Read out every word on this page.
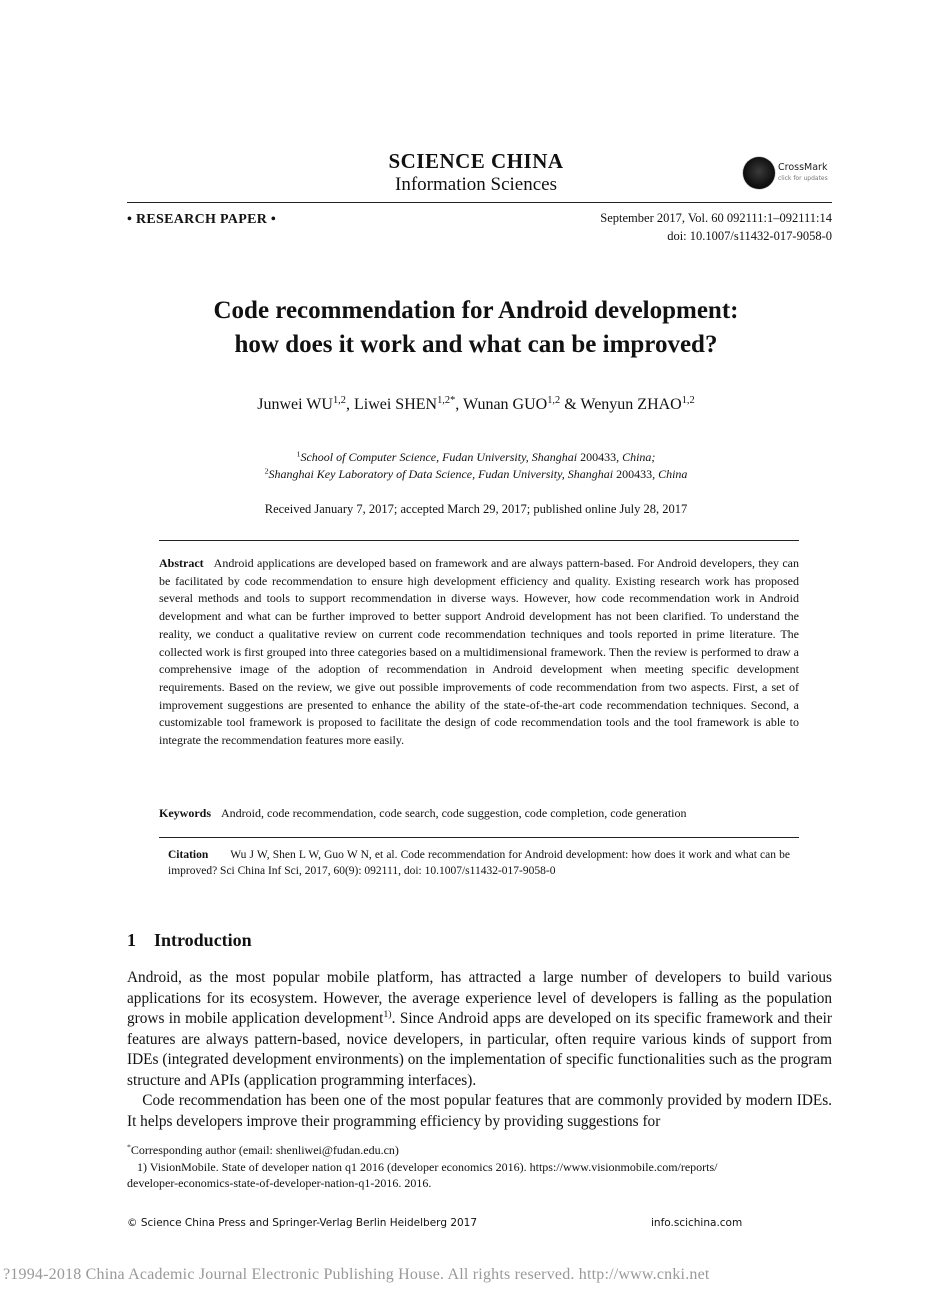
SCIENCE CHINA
Information Sciences
CrossMark
click for updates
• RESEARCH PAPER •	September 2017, Vol. 60 092111:1–092111:14
doi: 10.1007/s11432-017-9058-0
Code recommendation for Android development:
how does it work and what can be improved?
Junwei WU$^{1,2}$, Liwei $SHEN^{1,2*}$, Wunan GUO$^{1,2}$ & Wenyun ZHAO$^{1,2}$
$^1$School of Computer Science, Fudan University, Shanghai 200433, China;
$^2$Shanghai Key Laboratory of Data Science, Fudan University, Shanghai 200433, China
Received January 7, 2017; accepted March 29, 2017; published online July 28, 2017
Abstract Android applications are developed based on framework and are always pattern-based. For Android developers, they can be facilitated by code recommendation to ensure high development efficiency and quality. Existing research work has proposed several methods and tools to support recommendation in diverse ways. However, how code recommendation work in Android development and what can be further improved to better support Android development has not been clarified. To understand the reality, we conduct a qualitative review on current code recommendation techniques and tools reported in prime literature. The collected work is first grouped into three categories based on a multidimensional framework. Then the review is performed to draw a comprehensive image of the adoption of recommendation in Android development when meeting specific development requirements. Based on the review, we give out possible improvements of code recommendation from two aspects. First, a set of improvement suggestions are presented to enhance the ability of the state-of-the-art code recommendation techniques. Second, a customizable tool framework is proposed to facilitate the design of code recommendation tools and the tool framework is able to integrate the recommendation features more easily.
Keywords Android, code recommendation, code search, code suggestion, code completion, code generation
Citation Wu J W, Shen L W, Guo W N, et al. Code recommendation for Android development: how does it work and what can be improved? Sci China Inf Sci, 2017, 60(9): 092111, doi: 10.1007/s11432-017-9058-0
1 Introduction

Android, as the most popular mobile platform, has attracted a large number of developers to build various applications for its ecosystem. However, the average experience level of developers is falling as the population grows in mobile application development$^{1)}$. Since Android apps are developed on its specific framework and their features are always pattern-based, novice developers, in particular, often require various kinds of support from IDEs (integrated development environments) on the implementation of specific functionalities such as the program structure and APIs (application programming interfaces).

Code recommendation has been one of the most popular features that are commonly provided by modern IDEs. It helps developers improve their programming efficiency by providing suggestions for

*Corresponding author (email: shenliwei@fudan.edu.cn)
1) VisionMobile. State of developer nation q1 2016 (developer economics 2016). https://www.visionmobile.com/reports/
developer-economics-state-of-developer-nation-q1-2016. 2016.
© Science China Press and Springer-Verlag Berlin Heidelberg 2017	info.scichina.com
?1994-2018 China Academic Journal Electronic Publishing House. All rights reserved. http://www.cnki.net
